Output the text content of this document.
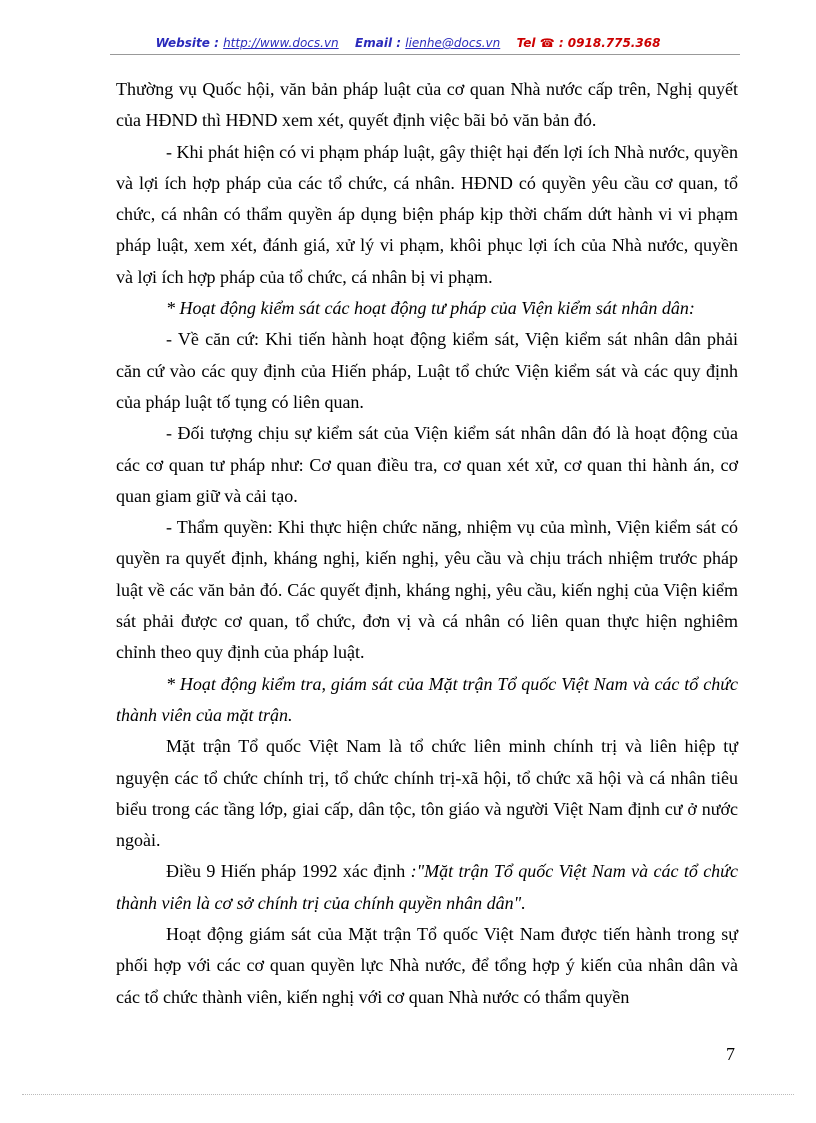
Website : http://www.docs.vn Email : lienhe@docs.vn Tel ☎ : 0918.775.368

Thường vụ Quốc hội, văn bản pháp luật của cơ quan Nhà nước cấp trên, Nghị quyết của HĐND thì HĐND xem xét, quyết định việc bãi bỏ văn bản đó.

- Khi phát hiện có vi phạm pháp luật, gây thiệt hại đến lợi ích Nhà nước, quyền và lợi ích hợp pháp của các tổ chức, cá nhân. HĐND có quyền yêu cầu cơ quan, tổ chức, cá nhân có thẩm quyền áp dụng biện pháp kịp thời chấm dứt hành vi vi phạm pháp luật, xem xét, đánh giá, xử lý vi phạm, khôi phục lợi ích của Nhà nước, quyền và lợi ích hợp pháp của tổ chức, cá nhân bị vi phạm.

* Hoạt động kiểm sát các hoạt động tư pháp của Viện kiểm sát nhân dân:

- Về căn cứ: Khi tiến hành hoạt động kiểm sát, Viện kiểm sát nhân dân phải căn cứ vào các quy định của Hiến pháp, Luật tổ chức Viện kiểm sát và các quy định của pháp luật tố tụng có liên quan.

- Đối tượng chịu sự kiểm sát của Viện kiểm sát nhân dân đó là hoạt động của các cơ quan tư pháp như: Cơ quan điều tra, cơ quan xét xử, cơ quan thi hành án, cơ quan giam giữ và cải tạo.

- Thẩm quyền: Khi thực hiện chức năng, nhiệm vụ của mình, Viện kiểm sát có quyền ra quyết định, kháng nghị, kiến nghị, yêu cầu và chịu trách nhiệm trước pháp luật về các văn bản đó. Các quyết định, kháng nghị, yêu cầu, kiến nghị của Viện kiểm sát phải được cơ quan, tổ chức, đơn vị và cá nhân có liên quan thực hiện nghiêm chỉnh theo quy định của pháp luật.

* Hoạt động kiểm tra, giám sát của Mặt trận Tổ quốc Việt Nam và các tổ chức thành viên của mặt trận.

Mặt trận Tổ quốc Việt Nam là tổ chức liên minh chính trị và liên hiệp tự nguyện các tổ chức chính trị, tổ chức chính trị-xã hội, tổ chức xã hội và cá nhân tiêu biểu trong các tầng lớp, giai cấp, dân tộc, tôn giáo và người Việt Nam định cư ở nước ngoài.

Điều 9 Hiến pháp 1992 xác định :"Mặt trận Tổ quốc Việt Nam và các tổ chức thành viên là cơ sở chính trị của chính quyền nhân dân".

Hoạt động giám sát của Mặt trận Tổ quốc Việt Nam được tiến hành trong sự phối hợp với các cơ quan quyền lực Nhà nước, để tổng hợp ý kiến của nhân dân và các tổ chức thành viên, kiến nghị với cơ quan Nhà nước có thẩm quyền

7
